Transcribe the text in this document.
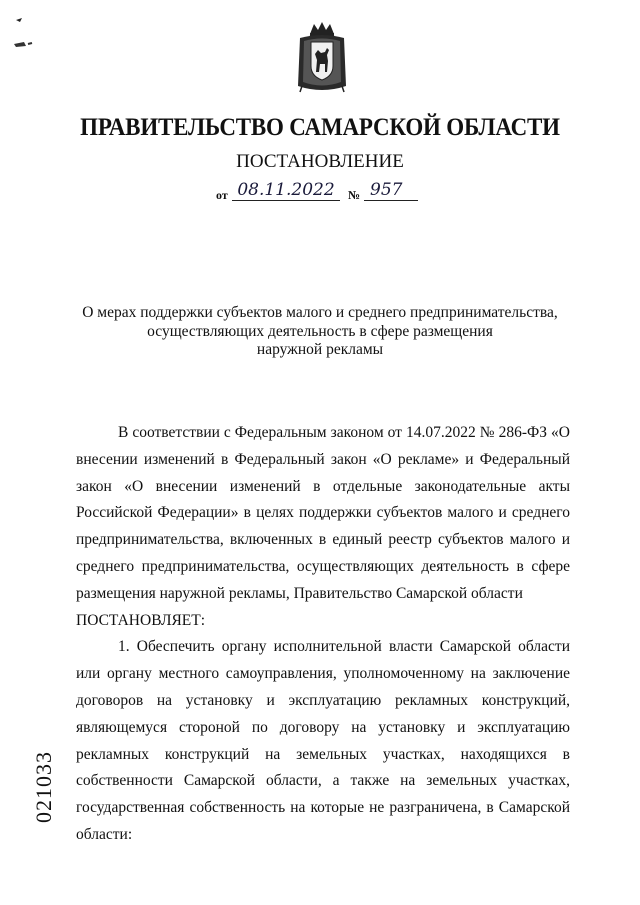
ПРАВИТЕЛЬСТВО САМАРСКОЙ ОБЛАСТИ
ПОСТАНОВЛЕНИЕ
от 08.11.2022	№ 957
О мерах поддержки субъектов малого и среднего предпринимательства,
осуществляющих деятельность в сфере размещения
наружной рекламы

В соответствии с Федеральным законом от 14.07.2022 № 286-ФЗ «О внесении изменений в Федеральный закон «О рекламе» и Федеральный закон «О внесении изменений в отдельные законодательные акты Российской Федерации» в целях поддержки субъектов малого и среднего предпринимательства, включенных в единый реестр субъектов малого и среднего предпринимательства, осуществляющих деятельность в сфере размещения наружной рекламы, Правительство Самарской области

ПОСТАНОВЛЯЕТ:

1. Обеспечить органу исполнительной власти Самарской области или органу местного самоуправления, уполномоченному на заключение договоров на установку и эксплуатацию рекламных конструкций, являющемуся стороной по договору на установку и эксплуатацию рекламных конструкций на земельных участках, находящихся в собственности Самарской области, а также на земельных участках, государственная собственность на которые не разграничена, в Самарской области:

021033
